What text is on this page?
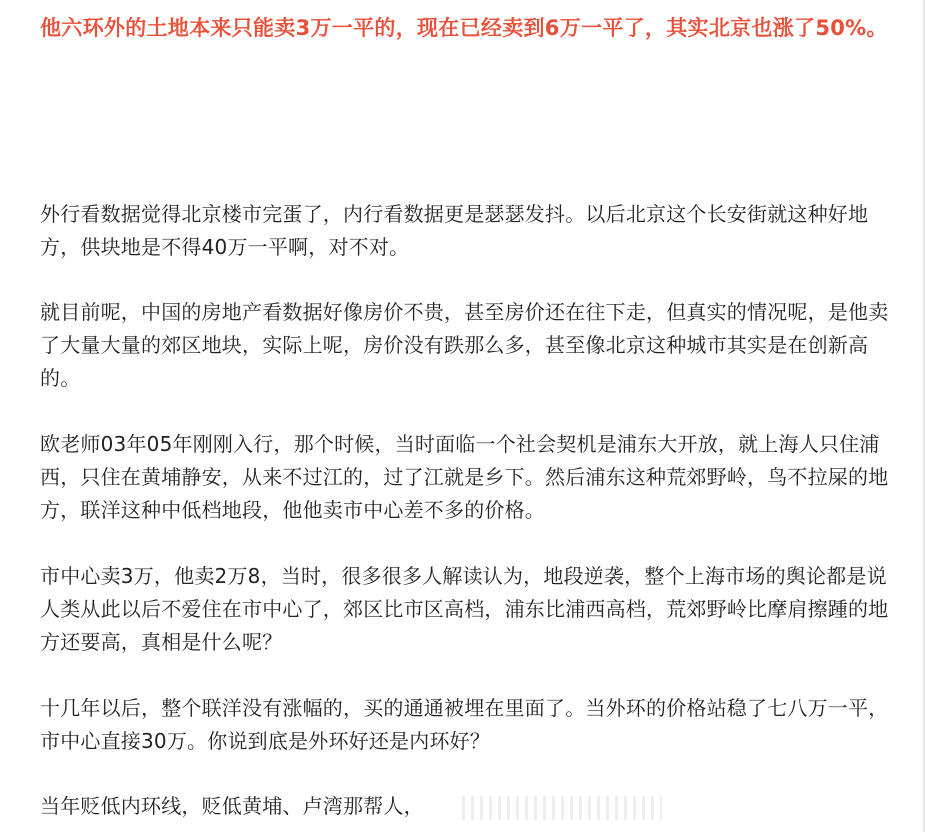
他六环外的土地本来只能卖3万一平的，现在已经卖到6万一平了，其实北京也涨了50%。

外行看数据觉得北京楼市完蛋了，内行看数据更是瑟瑟发抖。以后北京这个长安街就这种好地方，供块地是不得40万一平啊，对不对。

就目前呢，中国的房地产看数据好像房价不贵，甚至房价还在往下走，但真实的情况呢，是他卖了大量大量的郊区地块，实际上呢，房价没有跌那么多，甚至像北京这种城市其实是在创新高的。

欧老师03年05年刚刚入行，那个时候，当时面临一个社会契机是浦东大开放，就上海人只住浦西，只住在黄埔静安，从来不过江的，过了江就是乡下。然后浦东这种荒郊野岭，鸟不拉屎的地方，联洋这种中低档地段，他他卖市中心差不多的价格。

市中心卖3万，他卖2万8，当时，很多很多人解读认为，地段逆袭，整个上海市场的舆论都是说人类从此以后不爱住在市中心了，郊区比市区高档，浦东比浦西高档，荒郊野岭比摩肩擦踵的地方还要高，真相是什么呢？

十几年以后，整个联洋没有涨幅的，买的通通被埋在里面了。当外环的价格站稳了七八万一平，市中心直接30万。你说到底是外环好还是内环好？

当年贬低内环线，贬低黄埔、卢湾那帮人，
